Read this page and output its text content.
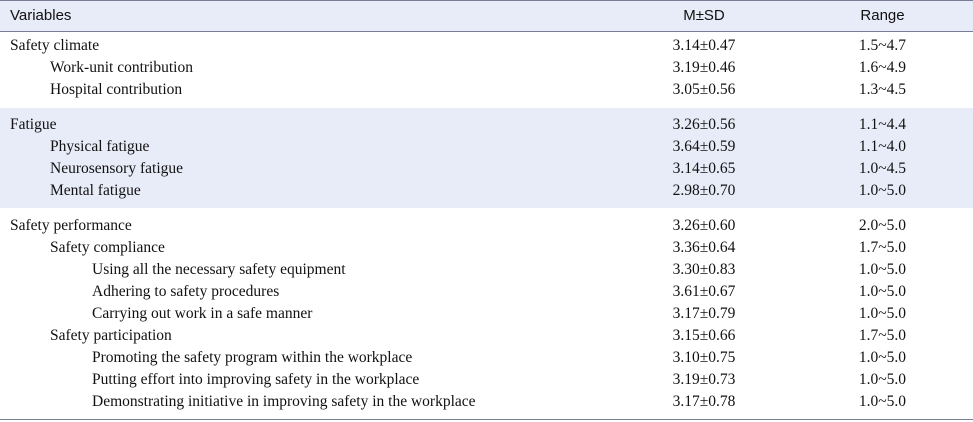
Variables	M±SD	Range
Safety climate	3.14±0.47	1.5~4.7
Work-unit contribution	3.19±0.46	1.6~4.9
Hospital contribution	3.05±0.56	1.3~4.5
Fatigue	3.26±0.56	1.1~4.4
Physical fatigue	3.64±0.59	1.1~4.0
Neurosensory fatigue	3.14±0.65	1.0~4.5
Mental fatigue	2.98±0.70	1.0~5.0
Safety performance	3.26±0.60	2.0~5.0
Safety compliance	3.36±0.64	1.7~5.0
Using all the necessary safety equipment	3.30±0.83	1.0~5.0
Adhering to safety procedures	3.61±0.67	1.0~5.0
Carrying out work in a safe manner	3.17±0.79	1.0~5.0
Safety participation	3.15±0.66	1.7~5.0
Promoting the safety program within the workplace	3.10±0.75	1.0~5.0
Putting effort into improving safety in the workplace	3.19±0.73	1.0~5.0
Demonstrating initiative in improving safety in the workplace	3.17±0.78	1.0~5.0
